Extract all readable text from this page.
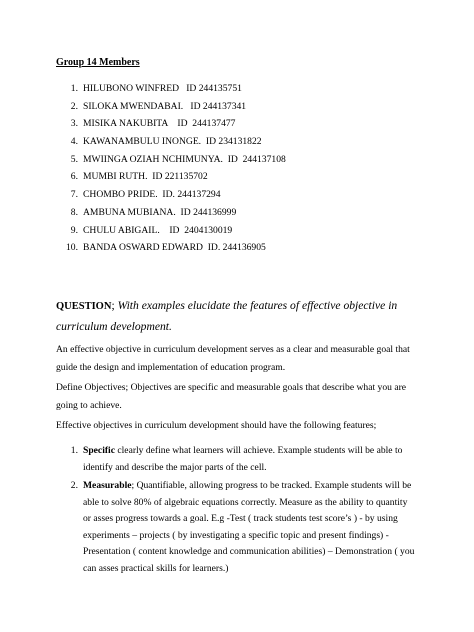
Group 14 Members
1. HILUBONO WINFRED   ID 244135751
2. SILOKA MWENDABAI.   ID 244137341
3. MISIKA NAKUBITA    ID  244137477
4. KAWANAMBULU INONGE.  ID 234131822
5. MWIINGA OZIAH NCHIMUNYA.  ID  244137108
6. MUMBI RUTH.  ID 221135702
7. CHOMBO PRIDE.  ID. 244137294
8. AMBUNA MUBIANA.  ID 244136999
9. CHULU ABIGAIL.    ID  2404130019
10. BANDA OSWARD EDWARD  ID. 244136905
QUESTION; With examples elucidate the features of effective objective in curriculum development.

An effective objective in curriculum development serves as a clear and measurable goal that guide the design and implementation of education program.

Define Objectives; Objectives are specific and measurable goals that describe what you are going to achieve.

Effective objectives in curriculum development should have the following features;

1. Specific clearly define what learners will achieve. Example students will be able to identify and describe the major parts of the cell.
2. Measurable; Quantifiable, allowing progress to be tracked. Example students will be able to solve 80% of algebraic equations correctly. Measure as the ability to quantity or asses progress towards a goal. E.g -Test ( track students test score’s ) - by using experiments – projects ( by investigating a specific topic and present findings) - Presentation ( content knowledge and communication abilities) – Demonstration ( you can asses practical skills for learners.)
